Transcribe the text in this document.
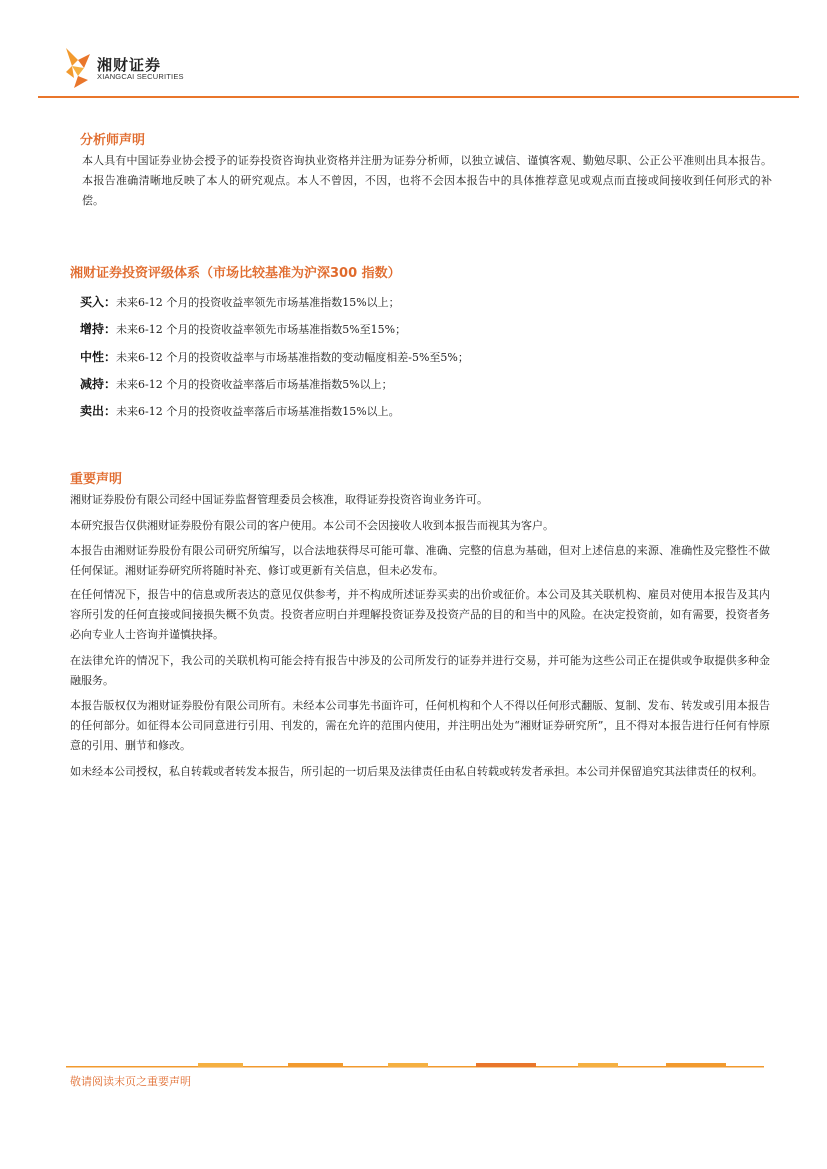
湘财证券
XIANGCAI SECURITIES
分析师声明
本人具有中国证券业协会授予的证券投资咨询执业资格并注册为证券分析师，以独立诚信、谨慎客观、勤勉尽职、公正公平准则出具本报告。本报告准确清晰地反映了本人的研究观点。本人不曾因，不因，也将不会因本报告中的具体推荐意见或观点而直接或间接收到任何形式的补偿。
湘财证券投资评级体系（市场比较基准为沪深300 指数）
买入：未来6-12 个月的投资收益率领先市场基准指数15%以上；
增持：未来6-12 个月的投资收益率领先市场基准指数5%至15%；
中性：未来6-12 个月的投资收益率与市场基准指数的变动幅度相差-5%至5%；
减持：未来6-12 个月的投资收益率落后市场基准指数5%以上；
卖出：未来6-12 个月的投资收益率落后市场基准指数15%以上。
重要声明
湘财证券股份有限公司经中国证券监督管理委员会核准，取得证券投资咨询业务许可。
本研究报告仅供湘财证券股份有限公司的客户使用。本公司不会因接收人收到本报告而视其为客户。
本报告由湘财证券股份有限公司研究所编写，以合法地获得尽可能可靠、准确、完整的信息为基础，但对上述信息的来源、准确性及完整性不做任何保证。湘财证券研究所将随时补充、修订或更新有关信息，但未必发布。
在任何情况下，报告中的信息或所表达的意见仅供参考，并不构成所述证券买卖的出价或征价。本公司及其关联机构、雇员对使用本报告及其内容所引发的任何直接或间接损失概不负责。投资者应明白并理解投资证券及投资产品的目的和当中的风险。在决定投资前，如有需要，投资者务必向专业人士咨询并谨慎抉择。
在法律允许的情况下，我公司的关联机构可能会持有报告中涉及的公司所发行的证券并进行交易，并可能为这些公司正在提供或争取提供多种金融服务。
本报告版权仅为湘财证券股份有限公司所有。未经本公司事先书面许可，任何机构和个人不得以任何形式翻版、复制、发布、转发或引用本报告的任何部分。如征得本公司同意进行引用、刊发的，需在允许的范围内使用，并注明出处为“湘财证券研究所”，且不得对本报告进行任何有悖原意的引用、删节和修改。
如未经本公司授权，私自转载或者转发本报告，所引起的一切后果及法律责任由私自转载或转发者承担。本公司并保留追究其法律责任的权利。
敬请阅读末页之重要声明
